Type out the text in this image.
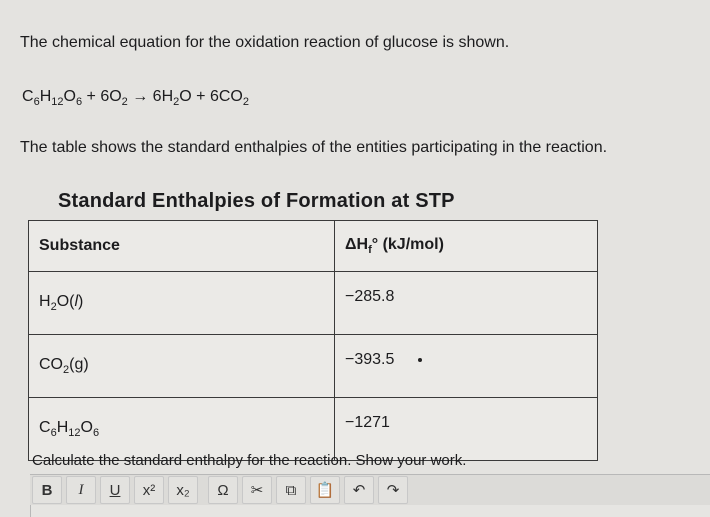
The chemical equation for the oxidation reaction of glucose is shown.
$C_6H_{12}O_6 + 6O_2 \to 6H_2O + 6CO_2$
The table shows the standard enthalpies of the entities participating in the reaction.
Standard Enthalpies of Formation at STP
Substance	$\Delta H_f^\circ$ (kJ/mol)
$H_2O(l)$	−285.8
$CO_2(g)$	−393.5
$C_6H_{12}O_6$	−1271
Calculate the standard enthalpy for the reaction. Show your work.
B	I	U	x²	x₂	Ω	✂	⧉	📋	↶	↷
